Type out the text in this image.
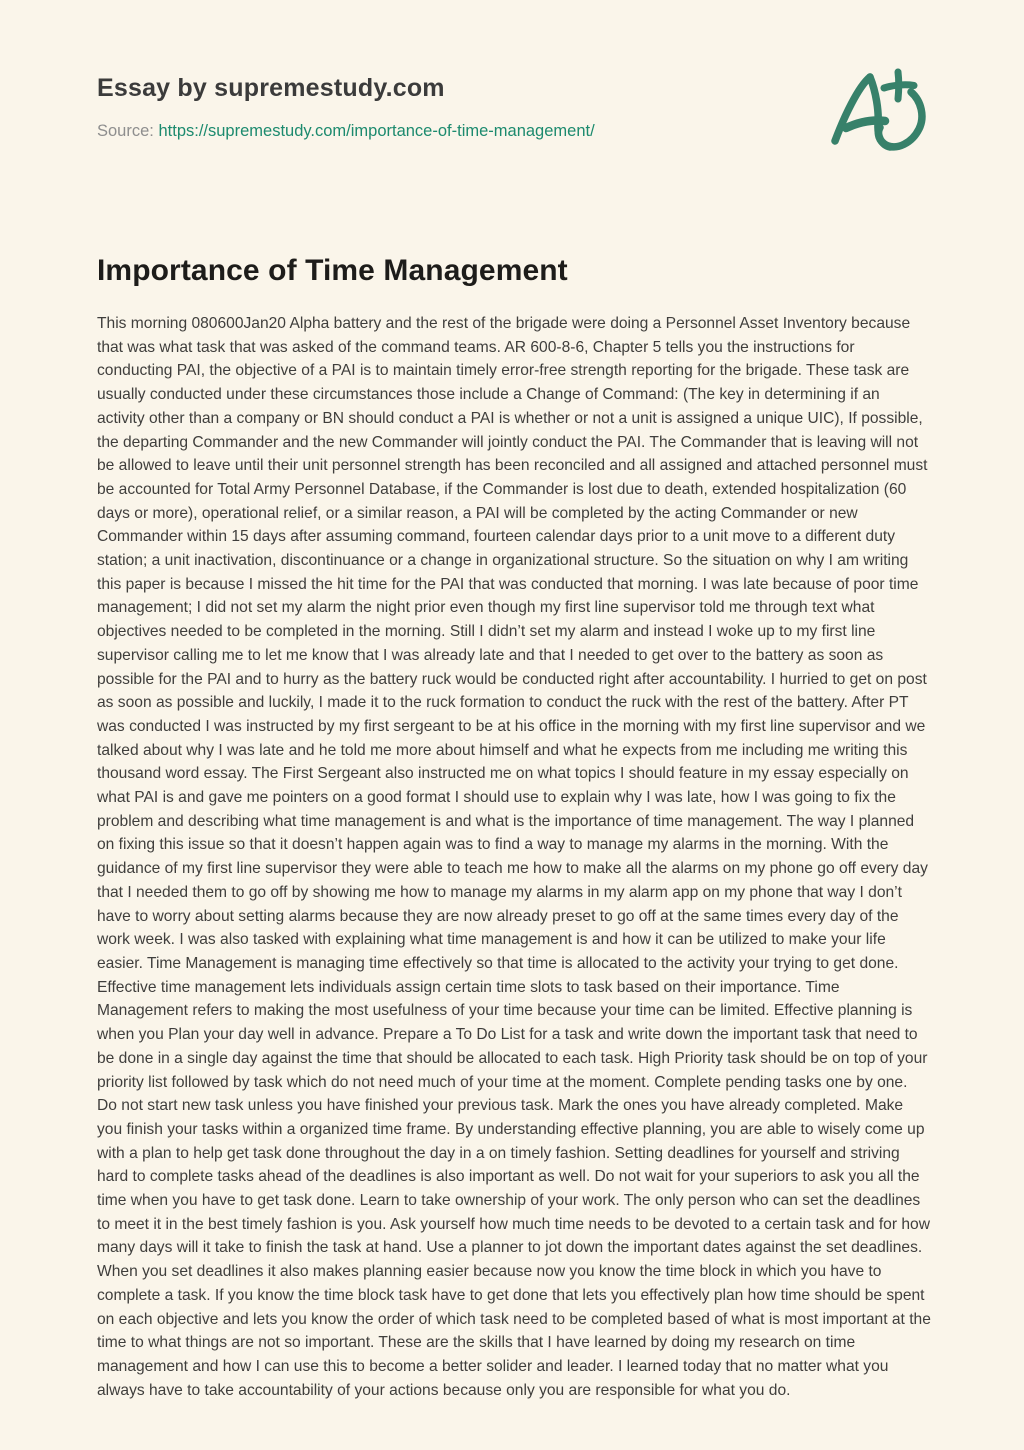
Essay by supremestudy.com
Source: https://supremestudy.com/importance-of-time-management/
Importance of Time Management

This morning 080600Jan20 Alpha battery and the rest of the brigade were doing a Personnel Asset Inventory because that was what task that was asked of the command teams. AR 600-8-6, Chapter 5 tells you the instructions for conducting PAI, the objective of a PAI is to maintain timely error-free strength reporting for the brigade. These task are usually conducted under these circumstances those include a Change of Command: (The key in determining if an activity other than a company or BN should conduct a PAI is whether or not a unit is assigned a unique UIC), If possible, the departing Commander and the new Commander will jointly conduct the PAI. The Commander that is leaving will not be allowed to leave until their unit personnel strength has been reconciled and all assigned and attached personnel must be accounted for Total Army Personnel Database, if the Commander is lost due to death, extended hospitalization (60 days or more), operational relief, or a similar reason, a PAI will be completed by the acting Commander or new Commander within 15 days after assuming command, fourteen calendar days prior to a unit move to a different duty station; a unit inactivation, discontinuance or a change in organizational structure. So the situation on why I am writing this paper is because I missed the hit time for the PAI that was conducted that morning. I was late because of poor time management; I did not set my alarm the night prior even though my first line supervisor told me through text what objectives needed to be completed in the morning. Still I didn’t set my alarm and instead I woke up to my first line supervisor calling me to let me know that I was already late and that I needed to get over to the battery as soon as possible for the PAI and to hurry as the battery ruck would be conducted right after accountability. I hurried to get on post as soon as possible and luckily, I made it to the ruck formation to conduct the ruck with the rest of the battery. After PT was conducted I was instructed by my first sergeant to be at his office in the morning with my first line supervisor and we talked about why I was late and he told me more about himself and what he expects from me including me writing this thousand word essay. The First Sergeant also instructed me on what topics I should feature in my essay especially on what PAI is and gave me pointers on a good format I should use to explain why I was late, how I was going to fix the problem and describing what time management is and what is the importance of time management. The way I planned on fixing this issue so that it doesn’t happen again was to find a way to manage my alarms in the morning. With the guidance of my first line supervisor they were able to teach me how to make all the alarms on my phone go off every day that I needed them to go off by showing me how to manage my alarms in my alarm app on my phone that way I don’t have to worry about setting alarms because they are now already preset to go off at the same times every day of the work week. I was also tasked with explaining what time management is and how it can be utilized to make your life easier. Time Management is managing time effectively so that time is allocated to the activity your trying to get done. Effective time management lets individuals assign certain time slots to task based on their importance. Time Management refers to making the most usefulness of your time because your time can be limited. Effective planning is when you Plan your day well in advance. Prepare a To Do List for a task and write down the important task that need to be done in a single day against the time that should be allocated to each task. High Priority task should be on top of your priority list followed by task which do not need much of your time at the moment. Complete pending tasks one by one. Do not start new task unless you have finished your previous task. Mark the ones you have already completed. Make you finish your tasks within a organized time frame. By understanding effective planning, you are able to wisely come up with a plan to help get task done throughout the day in a on timely fashion. Setting deadlines for yourself and striving hard to complete tasks ahead of the deadlines is also important as well. Do not wait for your superiors to ask you all the time when you have to get task done. Learn to take ownership of your work. The only person who can set the deadlines to meet it in the best timely fashion is you. Ask yourself how much time needs to be devoted to a certain task and for how many days will it take to finish the task at hand. Use a planner to jot down the important dates against the set deadlines. When you set deadlines it also makes planning easier because now you know the time block in which you have to complete a task. If you know the time block task have to get done that lets you effectively plan how time should be spent on each objective and lets you know the order of which task need to be completed based of what is most important at the time to what things are not so important. These are the skills that I have learned by doing my research on time management and how I can use this to become a better solider and leader. I learned today that no matter what you always have to take accountability of your actions because only you are responsible for what you do.
